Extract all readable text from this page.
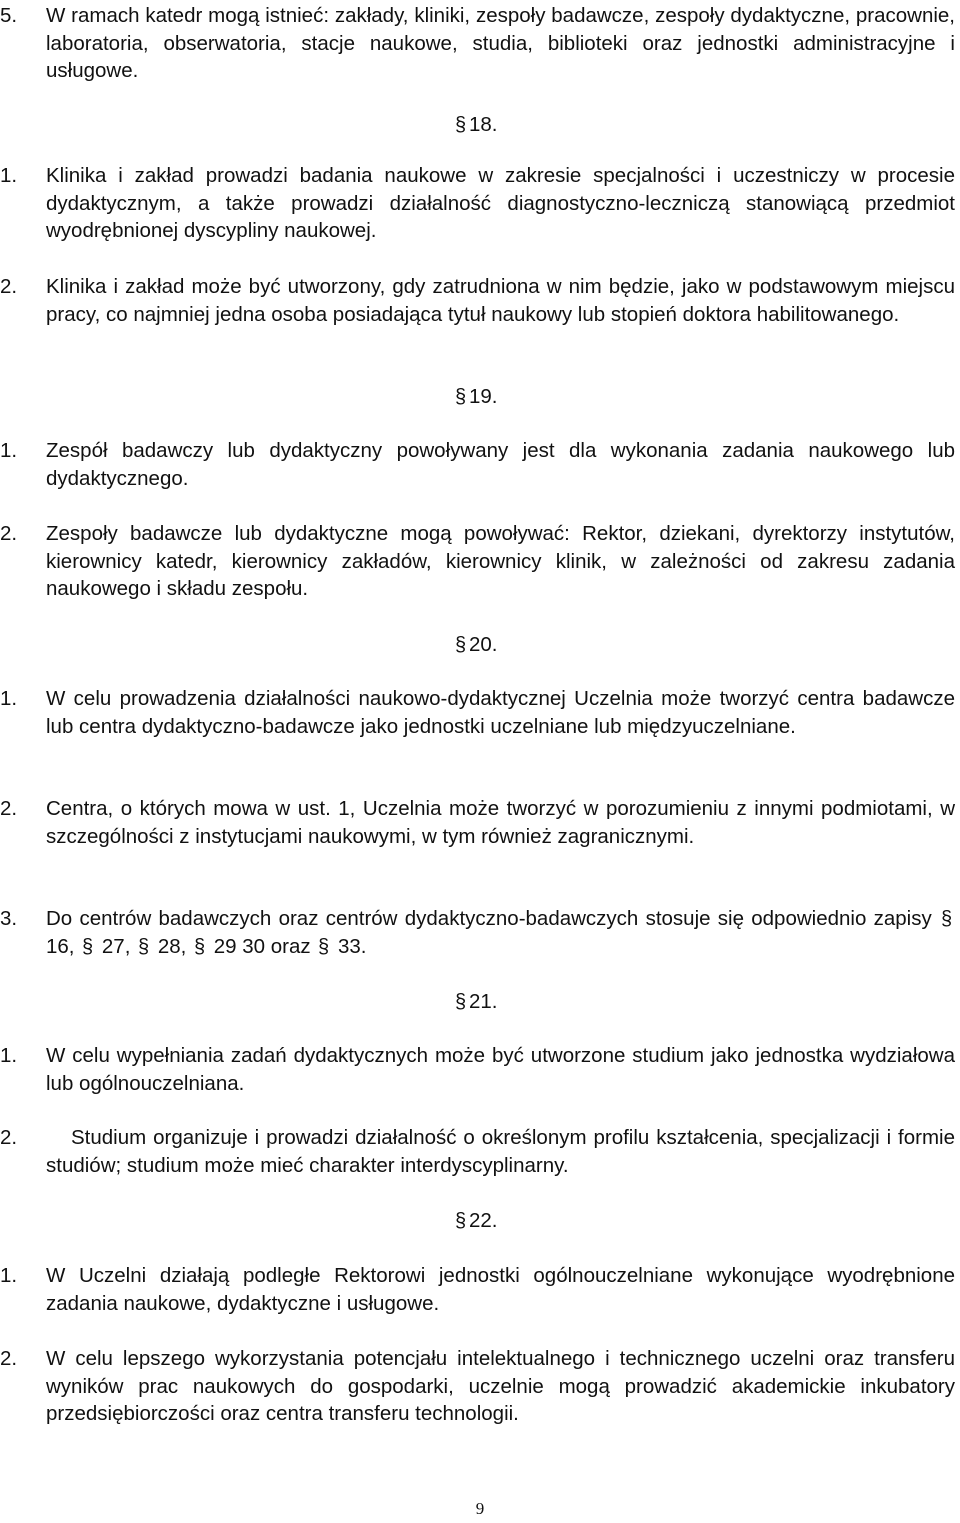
5.	W ramach katedr mogą istnieć: zakłady, kliniki, zespoły badawcze, zespoły dydaktyczne, pracownie, laboratoria, obserwatoria, stacje naukowe, studia, biblioteki oraz jednostki administracyjne i usługowe.
§ 18.
1.	Klinika i zakład prowadzi badania naukowe w zakresie specjalności i uczestniczy w procesie dydaktycznym, a także prowadzi działalność diagnostyczno-leczniczą stanowiącą przedmiot wyodrębnionej dyscypliny naukowej.
2.	Klinika i zakład może być utworzony, gdy zatrudniona w nim będzie, jako w podstawowym miejscu pracy, co najmniej jedna osoba posiadająca tytuł naukowy lub stopień doktora habilitowanego.
§ 19.
1.	Zespół badawczy lub dydaktyczny powoływany jest dla wykonania zadania naukowego lub dydaktycznego.
2.	Zespoły badawcze lub dydaktyczne mogą powoływać: Rektor, dziekani, dyrektorzy instytutów, kierownicy katedr, kierownicy zakładów, kierownicy klinik, w zależności od zakresu zadania naukowego i składu zespołu.
§ 20.
1.	W celu prowadzenia działalności naukowo-dydaktycznej Uczelnia może tworzyć centra badawcze lub centra dydaktyczno-badawcze jako jednostki uczelniane lub międzyuczelniane.
2.	Centra, o których mowa w ust. 1, Uczelnia może tworzyć w porozumieniu z innymi podmiotami, w szczególności z instytucjami naukowymi, w tym również zagranicznymi.
3.	Do centrów badawczych oraz centrów dydaktyczno-badawczych stosuje się odpowiednio zapisy §
16, § 27, § 28, § 29 30 oraz § 33.
§ 21.
1.	W celu wypełniania zadań dydaktycznych może być utworzone studium jako jednostka wydziałowa lub ogólnouczelniana.
2.	Studium organizuje i prowadzi działalność o określonym profilu kształcenia, specjalizacji i formie studiów; studium może mieć charakter interdyscyplinarny.
§ 22.
1.	W Uczelni działają podległe Rektorowi jednostki ogólnouczelniane wykonujące wyodrębnione zadania naukowe, dydaktyczne i usługowe.
2.	W celu lepszego wykorzystania potencjału intelektualnego i technicznego uczelni oraz transferu wyników prac naukowych do gospodarki, uczelnie mogą prowadzić akademickie inkubatory przedsiębiorczości oraz centra transferu technologii.
9
